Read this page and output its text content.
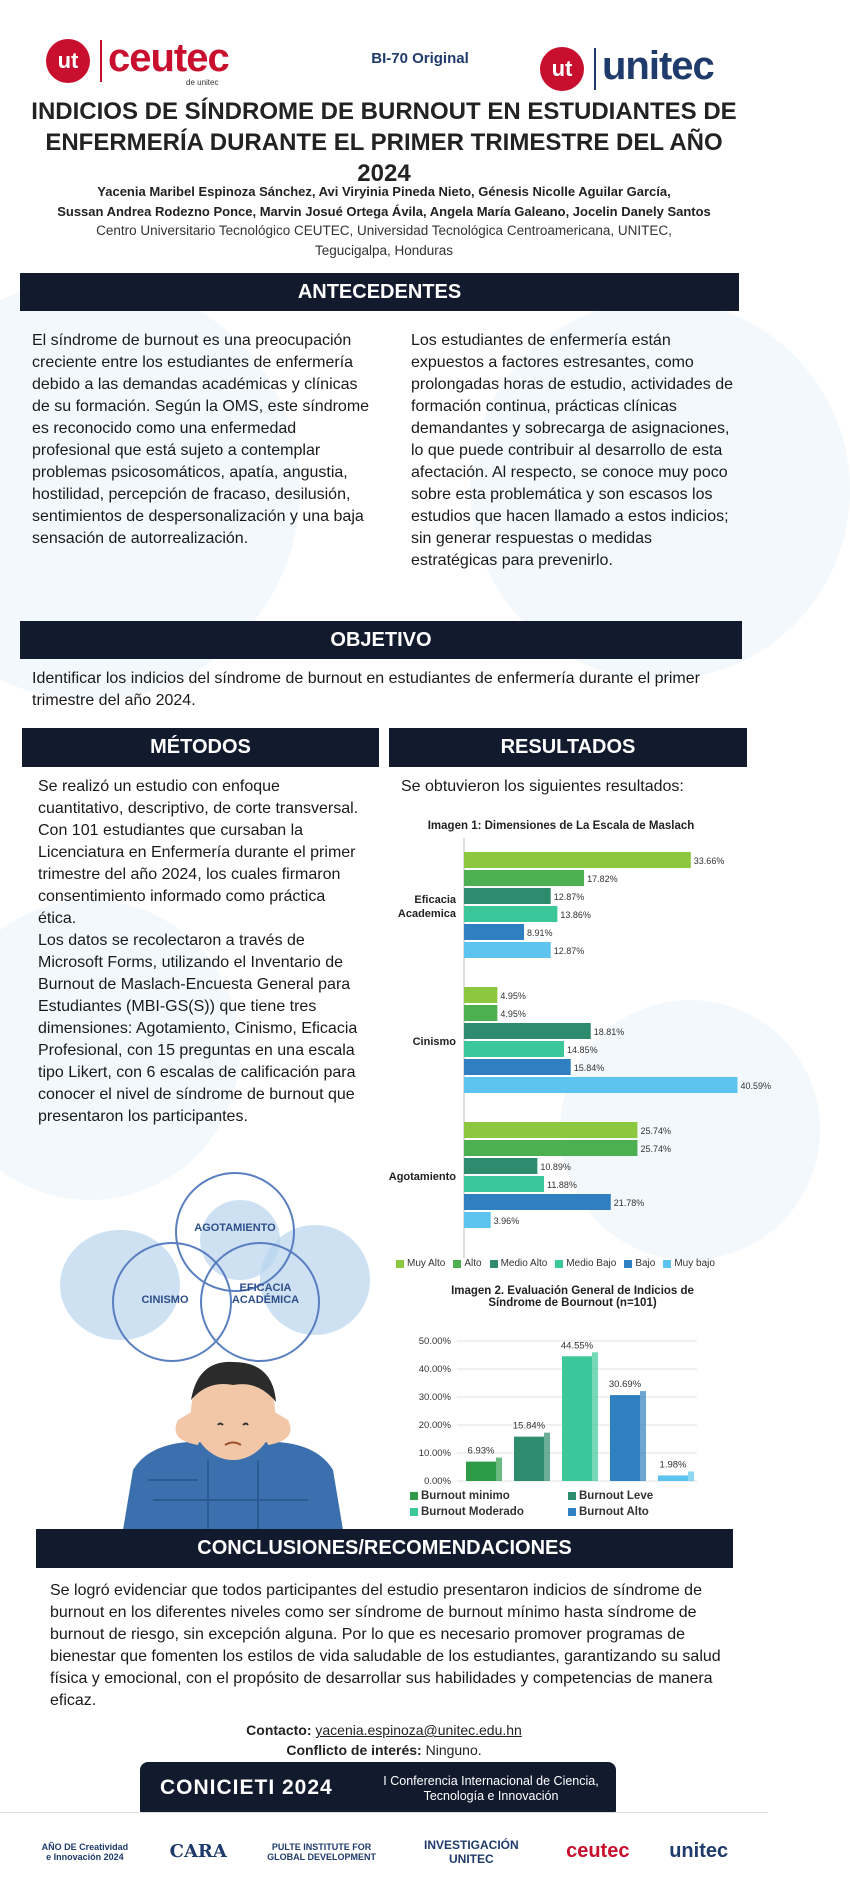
ut ceutec
de unitec
BI-70 Original	ut unitec
INDICIOS DE SÍNDROME DE BURNOUT EN ESTUDIANTES DE
ENFERMERÍA DURANTE EL PRIMER TRIMESTRE DEL AÑO 2024
Yacenia Maribel Espinoza Sánchez, Avi Viryinia Pineda Nieto, Génesis Nicolle Aguilar García,
Sussan Andrea Rodezno Ponce, Marvin Josué Ortega Ávila, Angela María Galeano, Jocelin Danely Santos
Centro Universitario Tecnológico CEUTEC, Universidad Tecnológica Centroamericana, UNITEC,
Tegucigalpa, Honduras
ANTECEDENTES
El síndrome de burnout es una preocupación creciente entre los estudiantes de enfermería debido a las demandas académicas y clínicas de su formación. Según la OMS, este síndrome es reconocido como una enfermedad profesional que está sujeto a contemplar problemas psicosomáticos, apatía, angustia, hostilidad, percepción de fracaso, desilusión, sentimientos de despersonalización y una baja sensación de autorrealización.
Los estudiantes de enfermería están expuestos a factores estresantes, como prolongadas horas de estudio, actividades de formación continua, prácticas clínicas demandantes y sobrecarga de asignaciones, lo que puede contribuir al desarrollo de esta afectación. Al respecto, se conoce muy poco sobre esta problemática y son escasos los estudios que hacen llamado a estos indicios; sin generar respuestas o medidas estratégicas para prevenirlo.
OBJETIVO
Identificar los indicios del síndrome de burnout en estudiantes de enfermería durante el primer trimestre del año 2024.
MÉTODOS	RESULTADOS
Se realizó un estudio con enfoque cuantitativo, descriptivo, de corte transversal.
Con 101 estudiantes que cursaban la Licenciatura en Enfermería durante el primer trimestre del año 2024, los cuales firmaron consentimiento informado como práctica ética.
Los datos se recolectaron a través de Microsoft Forms, utilizando el Inventario de Burnout de Maslach-Encuesta General para Estudiantes (MBI-GS(S)) que tiene tres dimensiones: Agotamiento, Cinismo, Eficacia Profesional, con 15 preguntas en una escala tipo Likert, con 6 escalas de calificación para conocer el nivel de síndrome de burnout que presentaron los participantes.
AGOTAMIENTO
CINISMO
EFICACIA ACADÉMICA
Se obtuvieron los siguientes resultados:
Imagen 1: Dimensiones de La Escala de Maslach
33.66%
17.82%
12.87%
13.86%
8.91%
12.87%
Eficacia
Academica
4.95%
4.95%
18.81%
14.85%
15.84%
40.59%
Cinismo
25.74%
25.74%
10.89%
11.88%
21.78%
3.96%
Agotamiento
Muy Alto Alto Medio Alto Medio Bajo Bajo Muy bajo
Imagen 2. Evaluación General de Indicios de
Síndrome de Bournout (n=101)
50.00%
40.00%
30.00%
20.00%
10.00%
0.00%
6.93%
15.84%
44.55%
30.69%
1.98%
Burnout minimo	Burnout Leve
Burnout Moderado	Burnout Alto
CONCLUSIONES/RECOMENDACIONES
Se logró evidenciar que todos participantes del estudio presentaron indicios de síndrome de burnout en los diferentes niveles como ser síndrome de burnout mínimo hasta síndrome de burnout de riesgo, sin excepción alguna. Por lo que es necesario promover programas de bienestar que fomenten los estilos de vida saludable de los estudiantes, garantizando su salud física y emocional, con el propósito de desarrollar sus habilidades y competencias de manera eficaz.
Contacto: yacenia.espinoza@unitec.edu.hn
Conflicto de interés: Ninguno.
CONICIETI 2024	I Conferencia Internacional de Ciencia, Tecnología e Innovación
AÑO DE Creatividad e Innovación 2024	CARA	PULTE INSTITUTE FOR GLOBAL DEVELOPMENT
INVESTIGACIÓN UNITEC	ceutec unitec
